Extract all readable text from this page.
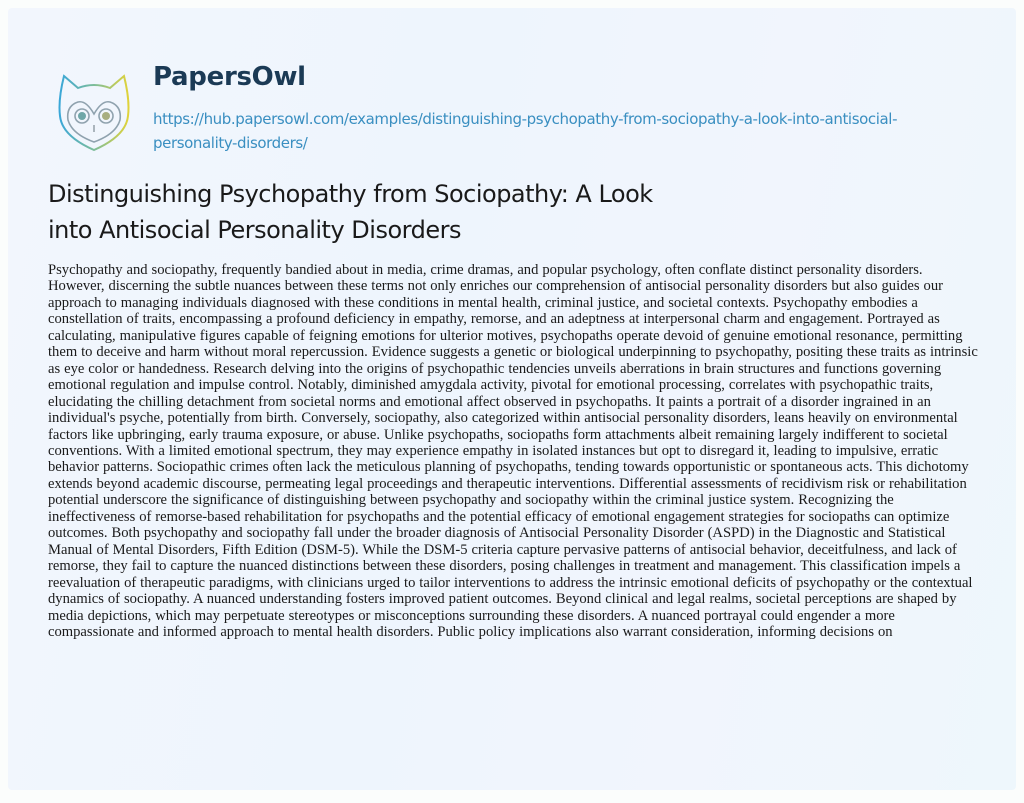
PapersOwl
https://hub.papersowl.com/examples/distinguishing-psychopathy-from-sociopathy-a-look-into-antisocial-personality-disorders/
Distinguishing Psychopathy from Sociopathy: A Look into Antisocial Personality Disorders

Psychopathy and sociopathy, frequently bandied about in media, crime dramas, and popular psychology, often conflate distinct personality disorders. However, discerning the subtle nuances between these terms not only enriches our comprehension of antisocial personality disorders but also guides our approach to managing individuals diagnosed with these conditions in mental health, criminal justice, and societal contexts. Psychopathy embodies a constellation of traits, encompassing a profound deficiency in empathy, remorse, and an adeptness at interpersonal charm and engagement. Portrayed as calculating, manipulative figures capable of feigning emotions for ulterior motives, psychopaths operate devoid of genuine emotional resonance, permitting them to deceive and harm without moral repercussion. Evidence suggests a genetic or biological underpinning to psychopathy, positing these traits as intrinsic as eye color or handedness. Research delving into the origins of psychopathic tendencies unveils aberrations in brain structures and functions governing emotional regulation and impulse control. Notably, diminished amygdala activity, pivotal for emotional processing, correlates with psychopathic traits, elucidating the chilling detachment from societal norms and emotional affect observed in psychopaths. It paints a portrait of a disorder ingrained in an individual's psyche, potentially from birth. Conversely, sociopathy, also categorized within antisocial personality disorders, leans heavily on environmental factors like upbringing, early trauma exposure, or abuse. Unlike psychopaths, sociopaths form attachments albeit remaining largely indifferent to societal conventions. With a limited emotional spectrum, they may experience empathy in isolated instances but opt to disregard it, leading to impulsive, erratic behavior patterns. Sociopathic crimes often lack the meticulous planning of psychopaths, tending towards opportunistic or spontaneous acts. This dichotomy extends beyond academic discourse, permeating legal proceedings and therapeutic interventions. Differential assessments of recidivism risk or rehabilitation potential underscore the significance of distinguishing between psychopathy and sociopathy within the criminal justice system. Recognizing the ineffectiveness of remorse-based rehabilitation for psychopaths and the potential efficacy of emotional engagement strategies for sociopaths can optimize outcomes. Both psychopathy and sociopathy fall under the broader diagnosis of Antisocial Personality Disorder (ASPD) in the Diagnostic and Statistical Manual of Mental Disorders, Fifth Edition (DSM-5). While the DSM-5 criteria capture pervasive patterns of antisocial behavior, deceitfulness, and lack of remorse, they fail to capture the nuanced distinctions between these disorders, posing challenges in treatment and management. This classification impels a reevaluation of therapeutic paradigms, with clinicians urged to tailor interventions to address the intrinsic emotional deficits of psychopathy or the contextual dynamics of sociopathy. A nuanced understanding fosters improved patient outcomes. Beyond clinical and legal realms, societal perceptions are shaped by media depictions, which may perpetuate stereotypes or misconceptions surrounding these disorders. A nuanced portrayal could engender a more compassionate and informed approach to mental health disorders. Public policy implications also warrant consideration, informing decisions on
